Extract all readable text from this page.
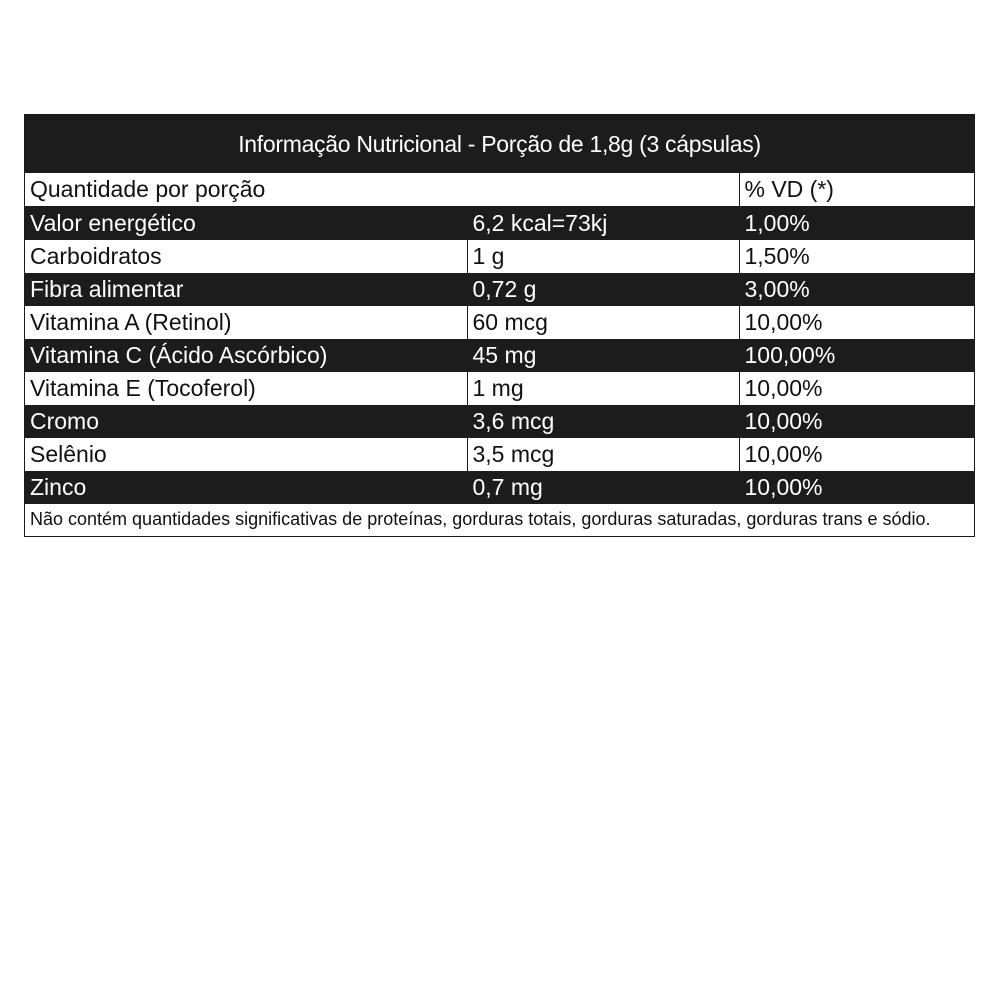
Informação Nutricional - Porção de 1,8g (3 cápsulas)
Quantidade por porção		% VD (*)
Valor energético	6,2 kcal=73kj	1,00%
Carboidratos	1 g	1,50%
Fibra alimentar	0,72 g	3,00%
Vitamina A (Retinol)	60 mcg	10,00%
Vitamina C (Ácido Ascórbico)	45 mg	100,00%
Vitamina E (Tocoferol)	1 mg	10,00%
Cromo	3,6 mcg	10,00%
Selênio	3,5 mcg	10,00%
Zinco	0,7 mg	10,00%
Não contém quantidades significativas de proteínas, gorduras totais, gorduras saturadas, gorduras trans e sódio.
